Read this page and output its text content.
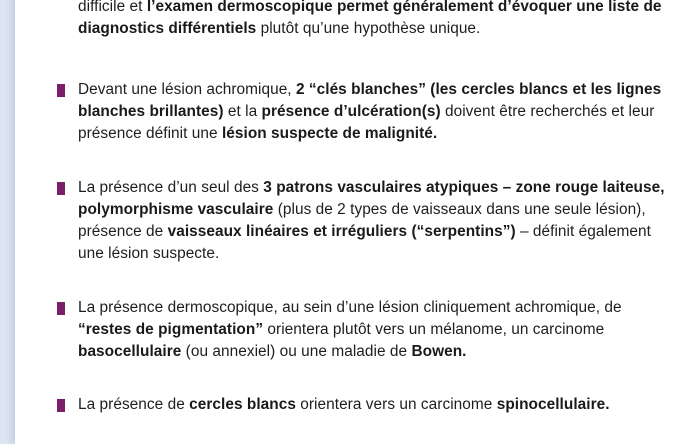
difficile et l’examen dermoscopique permet généralement d’évoquer une liste de diagnostics différentiels plutôt qu’une hypothèse unique.
Devant une lésion achromique, 2 “clés blanches” (les cercles blancs et les lignes blanches brillantes) et la présence d’ulcération(s) doivent être recherchés et leur présence définit une lésion suspecte de malignité.
La présence d’un seul des 3 patrons vasculaires atypiques – zone rouge laiteuse, polymorphisme vasculaire (plus de 2 types de vaisseaux dans une seule lésion), présence de vaisseaux linéaires et irréguliers (“serpentins”) – définit également une lésion suspecte.
La présence dermoscopique, au sein d’une lésion cliniquement achromique, de “restes de pigmentation” orientera plutôt vers un mélanome, un carcinome basocellulaire (ou annexiel) ou une maladie de Bowen.
La présence de cercles blancs orientera vers un carcinome spinocellulaire.
